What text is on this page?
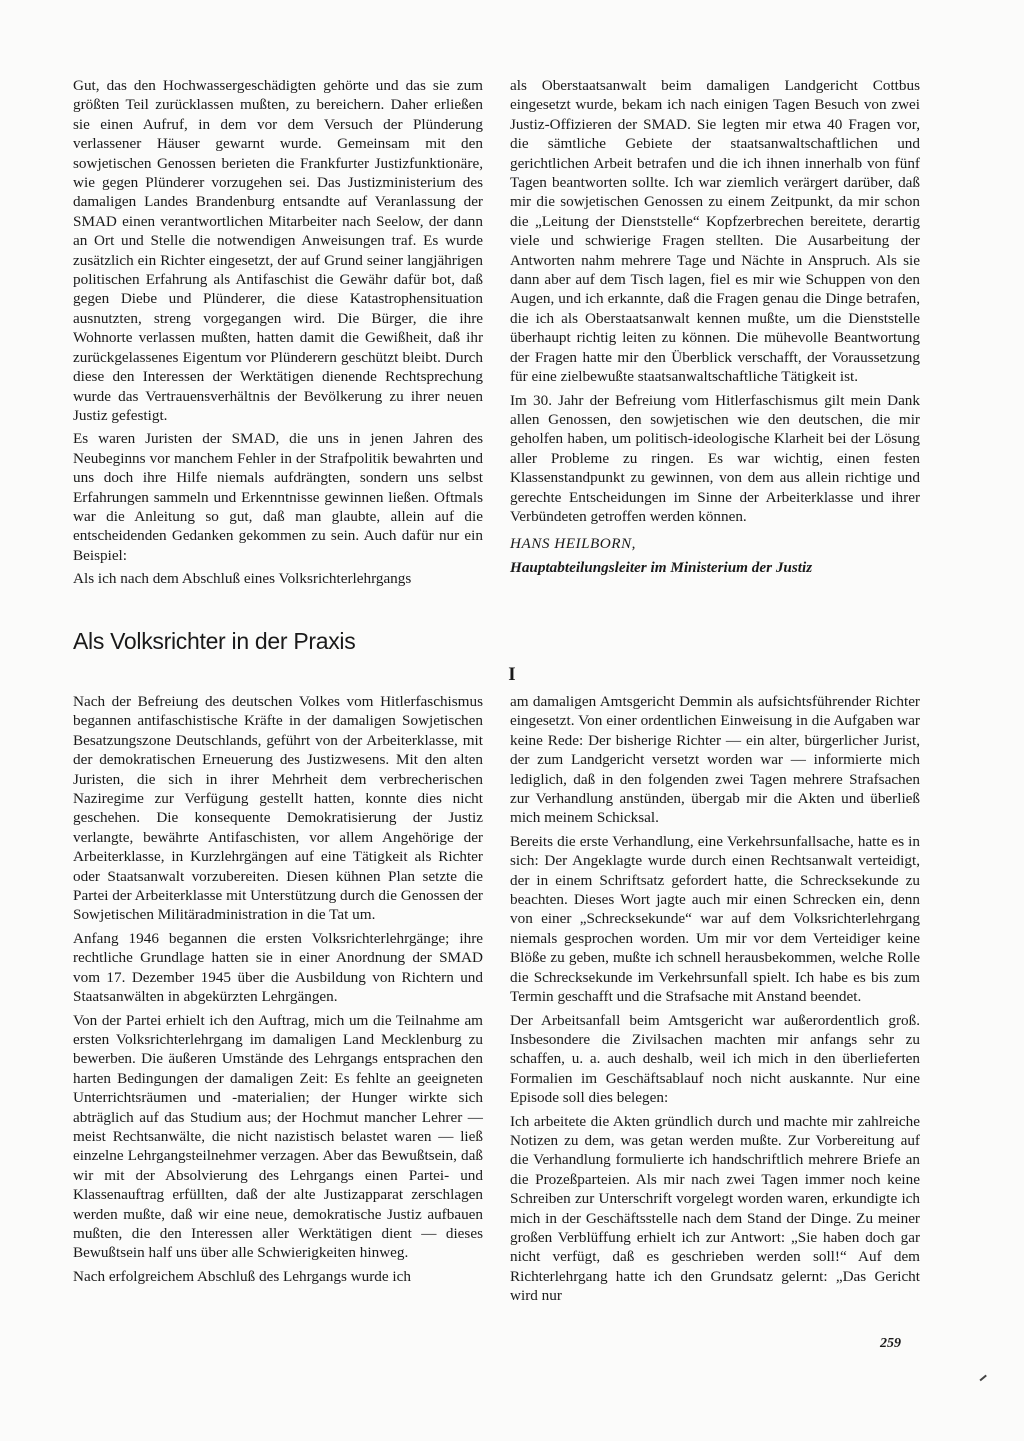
Gut, das den Hochwassergeschädigten gehörte und das sie zum größten Teil zurücklassen mußten, zu bereichern. Daher erließen sie einen Aufruf, in dem vor dem Versuch der Plünderung verlassener Häuser gewarnt wurde. Gemeinsam mit den sowjetischen Genossen berieten die Frankfurter Justizfunktionäre, wie gegen Plünderer vorzugehen sei. Das Justizministerium des damaligen Landes Brandenburg entsandte auf Veranlassung der SMAD einen verantwortlichen Mitarbeiter nach Seelow, der dann an Ort und Stelle die notwendigen Anweisungen traf. Es wurde zusätzlich ein Richter eingesetzt, der auf Grund seiner langjährigen politischen Erfahrung als Antifaschist die Gewähr dafür bot, daß gegen Diebe und Plünderer, die diese Katastrophensituation ausnutzten, streng vorgegangen wird. Die Bürger, die ihre Wohnorte verlassen mußten, hatten damit die Gewißheit, daß ihr zurückgelassenes Eigentum vor Plünderern geschützt bleibt. Durch diese den Interessen der Werktätigen dienende Rechtsprechung wurde das Vertrauensverhältnis der Bevölkerung zu ihrer neuen Justiz gefestigt.

Es waren Juristen der SMAD, die uns in jenen Jahren des Neubeginns vor manchem Fehler in der Strafpolitik bewahrten und uns doch ihre Hilfe niemals aufdrängten, sondern uns selbst Erfahrungen sammeln und Erkenntnisse gewinnen ließen. Oftmals war die Anleitung so gut, daß man glaubte, allein auf die entscheidenden Gedanken gekommen zu sein. Auch dafür nur ein Beispiel:

Als ich nach dem Abschluß eines Volksrichterlehrgangs

als Oberstaatsanwalt beim damaligen Landgericht Cottbus eingesetzt wurde, bekam ich nach einigen Tagen Besuch von zwei Justiz-Offizieren der SMAD. Sie legten mir etwa 40 Fragen vor, die sämtliche Gebiete der staatsanwaltschaftlichen und gerichtlichen Arbeit betrafen und die ich ihnen innerhalb von fünf Tagen beantworten sollte. Ich war ziemlich verärgert darüber, daß mir die sowjetischen Genossen zu einem Zeitpunkt, da mir schon die „Leitung der Dienststelle“ Kopfzerbrechen bereitete, derartig viele und schwierige Fragen stellten. Die Ausarbeitung der Antworten nahm mehrere Tage und Nächte in Anspruch. Als sie dann aber auf dem Tisch lagen, fiel es mir wie Schuppen von den Augen, und ich erkannte, daß die Fragen genau die Dinge betrafen, die ich als Oberstaatsanwalt kennen mußte, um die Dienststelle überhaupt richtig leiten zu können. Die mühevolle Beantwortung der Fragen hatte mir den Überblick verschafft, der Voraussetzung für eine zielbewußte staatsanwaltschaftliche Tätigkeit ist.

Im 30. Jahr der Befreiung vom Hitlerfaschismus gilt mein Dank allen Genossen, den sowjetischen wie den deutschen, die mir geholfen haben, um politisch-ideologische Klarheit bei der Lösung aller Probleme zu ringen. Es war wichtig, einen festen Klassenstandpunkt zu gewinnen, von dem aus allein richtige und gerechte Entscheidungen im Sinne der Arbeiterklasse und ihrer Verbündeten getroffen werden können.

HANS HEILBORN,

Hauptabteilungsleiter im Ministerium der Justiz

Als Volksrichter in der Praxis
I

Nach der Befreiung des deutschen Volkes vom Hitlerfaschismus begannen antifaschistische Kräfte in der damaligen Sowjetischen Besatzungszone Deutschlands, geführt von der Arbeiterklasse, mit der demokratischen Erneuerung des Justizwesens. Mit den alten Juristen, die sich in ihrer Mehrheit dem verbrecherischen Naziregime zur Verfügung gestellt hatten, konnte dies nicht geschehen. Die konsequente Demokratisierung der Justiz verlangte, bewährte Antifaschisten, vor allem Angehörige der Arbeiterklasse, in Kurzlehrgängen auf eine Tätigkeit als Richter oder Staatsanwalt vorzubereiten. Diesen kühnen Plan setzte die Partei der Arbeiterklasse mit Unterstützung durch die Genossen der Sowjetischen Militäradministration in die Tat um.

Anfang 1946 begannen die ersten Volksrichterlehrgänge; ihre rechtliche Grundlage hatten sie in einer Anordnung der SMAD vom 17. Dezember 1945 über die Ausbildung von Richtern und Staatsanwälten in abgekürzten Lehrgängen.

Von der Partei erhielt ich den Auftrag, mich um die Teilnahme am ersten Volksrichterlehrgang im damaligen Land Mecklenburg zu bewerben. Die äußeren Umstände des Lehrgangs entsprachen den harten Bedingungen der damaligen Zeit: Es fehlte an geeigneten Unterrichtsräumen und -materialien; der Hunger wirkte sich abträglich auf das Studium aus; der Hochmut mancher Lehrer — meist Rechtsanwälte, die nicht nazistisch belastet waren — ließ einzelne Lehrgangsteilnehmer verzagen. Aber das Bewußtsein, daß wir mit der Absolvierung des Lehrgangs einen Partei- und Klassenauftrag erfüllten, daß der alte Justizapparat zerschlagen werden mußte, daß wir eine neue, demokratische Justiz aufbauen mußten, die den Interessen aller Werktätigen dient — dieses Bewußtsein half uns über alle Schwierigkeiten hinweg.

Nach erfolgreichem Abschluß des Lehrgangs wurde ich

am damaligen Amtsgericht Demmin als aufsichtsführender Richter eingesetzt. Von einer ordentlichen Einweisung in die Aufgaben war keine Rede: Der bisherige Richter — ein alter, bürgerlicher Jurist, der zum Landgericht versetzt worden war — informierte mich lediglich, daß in den folgenden zwei Tagen mehrere Strafsachen zur Verhandlung anstünden, übergab mir die Akten und überließ mich meinem Schicksal.

Bereits die erste Verhandlung, eine Verkehrsunfallsache, hatte es in sich: Der Angeklagte wurde durch einen Rechtsanwalt verteidigt, der in einem Schriftsatz gefordert hatte, die Schrecksekunde zu beachten. Dieses Wort jagte auch mir einen Schrecken ein, denn von einer „Schrecksekunde“ war auf dem Volksrichterlehrgang niemals gesprochen worden. Um mir vor dem Verteidiger keine Blöße zu geben, mußte ich schnell herausbekommen, welche Rolle die Schrecksekunde im Verkehrsunfall spielt. Ich habe es bis zum Termin geschafft und die Strafsache mit Anstand beendet.

Der Arbeitsanfall beim Amtsgericht war außerordentlich groß. Insbesondere die Zivilsachen machten mir anfangs sehr zu schaffen, u. a. auch deshalb, weil ich mich in den überlieferten Formalien im Geschäftsablauf noch nicht auskannte. Nur eine Episode soll dies belegen:

Ich arbeitete die Akten gründlich durch und machte mir zahlreiche Notizen zu dem, was getan werden mußte. Zur Vorbereitung auf die Verhandlung formulierte ich handschriftlich mehrere Briefe an die Prozeßparteien. Als mir nach zwei Tagen immer noch keine Schreiben zur Unterschrift vorgelegt worden waren, erkundigte ich mich in der Geschäftsstelle nach dem Stand der Dinge. Zu meiner großen Verblüffung erhielt ich zur Antwort: „Sie haben doch gar nicht verfügt, daß es geschrieben werden soll!“ Auf dem Richterlehrgang hatte ich den Grundsatz gelernt: „Das Gericht wird nur

259
